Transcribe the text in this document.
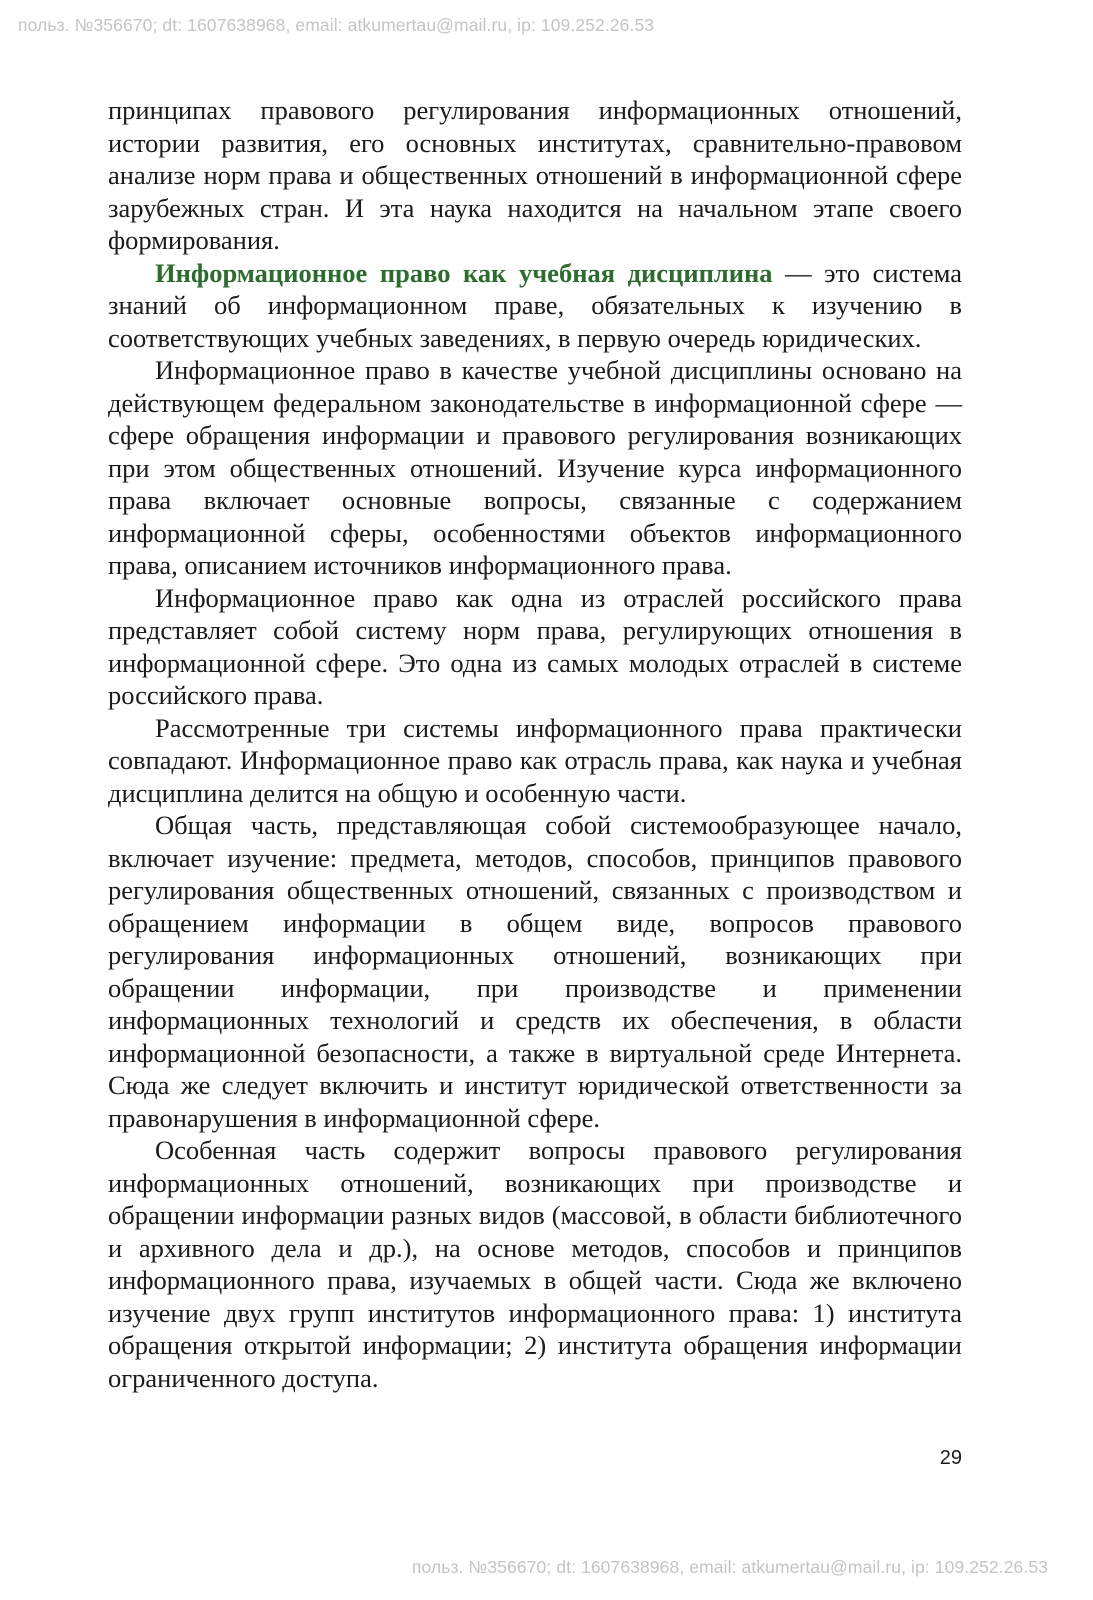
польз. №356670; dt: 1607638968, email: atkumertau@mail.ru, ip: 109.252.26.53

принципах правового регулирования информационных отношений, истории развития, его основных институтах, сравнительно-правовом анализе норм права и общественных отношений в информационной сфере зарубежных стран. И эта наука находится на начальном этапе своего формирования.

Информационное право как учебная дисциплина — это система знаний об информационном праве, обязательных к изучению в соответствующих учебных заведениях, в первую очередь юридических.

Информационное право в качестве учебной дисциплины основано на действующем федеральном законодательстве в информационной сфере — сфере обращения информации и правового регулирования возникающих при этом общественных отношений. Изучение курса информационного права включает основные вопросы, связанные с содержанием информационной сферы, особенностями объектов информационного права, описанием источников информационного права.

Информационное право как одна из отраслей российского права представляет собой систему норм права, регулирующих отношения в информационной сфере. Это одна из самых молодых отраслей в системе российского права.

Рассмотренные три системы информационного права практически совпадают. Информационное право как отрасль права, как наука и учебная дисциплина делится на общую и особенную части.

Общая часть, представляющая собой системообразующее начало, включает изучение: предмета, методов, способов, принципов правового регулирования общественных отношений, связанных с производством и обращением информации в общем виде, вопросов правового регулирования информационных отношений, возникающих при обращении информации, при производстве и применении информационных технологий и средств их обеспечения, в области информационной безопасности, а также в виртуальной среде Интернета. Сюда же следует включить и институт юридической ответственности за правонарушения в информационной сфере.

Особенная часть содержит вопросы правового регулирования информационных отношений, возникающих при производстве и обращении информации разных видов (массовой, в области библиотечного и архивного дела и др.), на основе методов, способов и принципов информационного права, изучаемых в общей части. Сюда же включено изучение двух групп институтов информационного права: 1) института обращения открытой информации; 2) института обращения информации ограниченного доступа.

29
польз. №356670; dt: 1607638968, email: atkumertau@mail.ru, ip: 109.252.26.53
